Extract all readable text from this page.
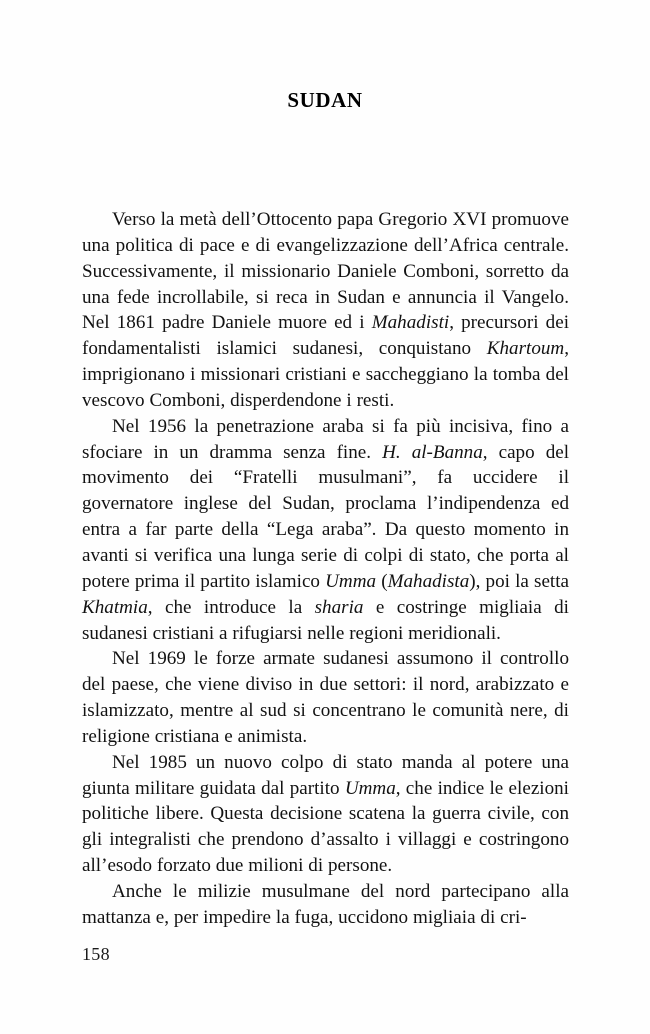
SUDAN

Verso la metà dell’Ottocento papa Gregorio XVI promuove una politica di pace e di evangelizzazione dell’Africa centrale. Successivamente, il missionario Daniele Comboni, sorretto da una fede incrollabile, si reca in Sudan e annuncia il Vangelo. Nel 1861 padre Daniele muore ed i Mahadisti, precursori dei fondamentalisti islamici sudanesi, conquistano Khartoum, imprigionano i missionari cristiani e saccheggiano la tomba del vescovo Comboni, disperdendone i resti.

Nel 1956 la penetrazione araba si fa più incisiva, fino a sfociare in un dramma senza fine. H. al-Banna, capo del movimento dei “Fratelli musulmani”, fa uccidere il governatore inglese del Sudan, proclama l’indipendenza ed entra a far parte della “Lega araba”. Da questo momento in avanti si verifica una lunga serie di colpi di stato, che porta al potere prima il partito islamico Umma (Mahadista), poi la setta Khatmia, che introduce la sharia e costringe migliaia di sudanesi cristiani a rifugiarsi nelle regioni meridionali.

Nel 1969 le forze armate sudanesi assumono il controllo del paese, che viene diviso in due settori: il nord, arabizzato e islamizzato, mentre al sud si concentrano le comunità nere, di religione cristiana e animista.

Nel 1985 un nuovo colpo di stato manda al potere una giunta militare guidata dal partito Umma, che indice le elezioni politiche libere. Questa decisione scatena la guerra civile, con gli integralisti che prendono d’assalto i villaggi e costringono all’esodo forzato due milioni di persone.

Anche le milizie musulmane del nord partecipano alla mattanza e, per impedire la fuga, uccidono migliaia di cri-

158
